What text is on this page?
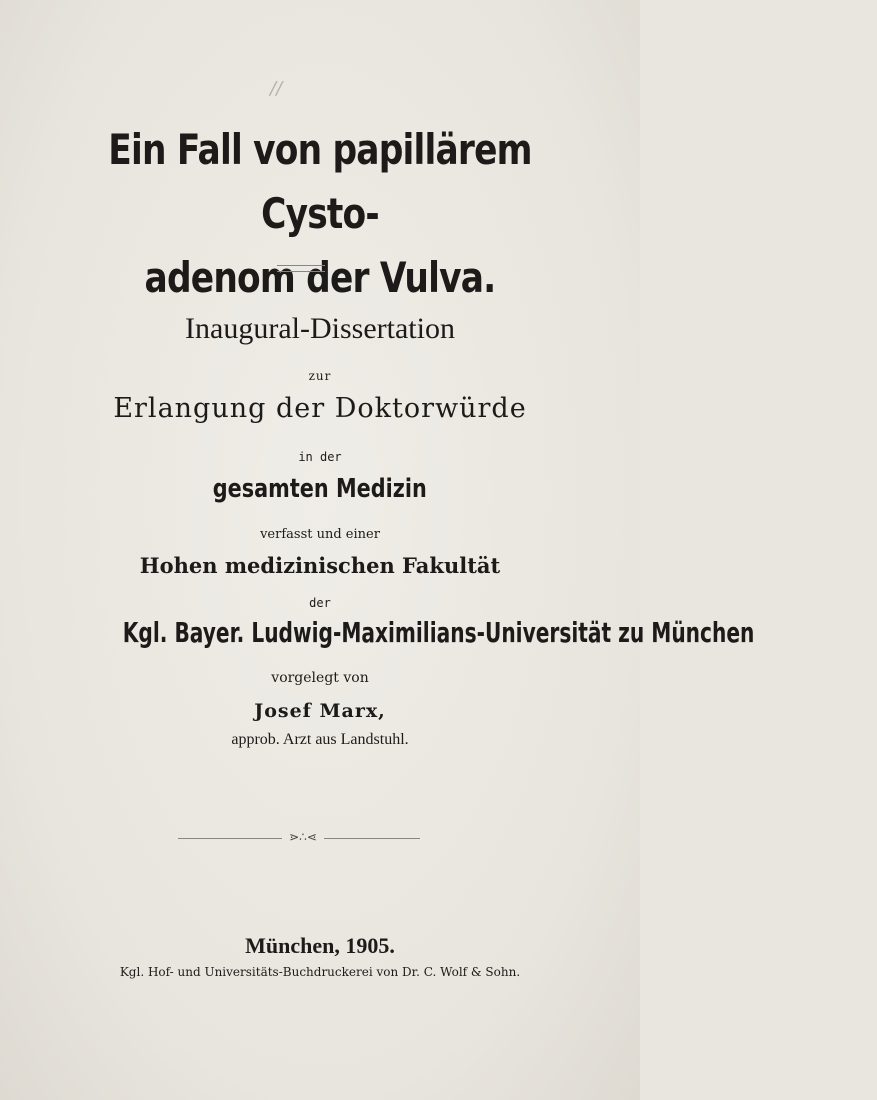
//
Ein Fall von papillärem Cysto-
adenom der Vulva.
Inaugural-Dissertation
zur
Erlangung der Doktorwürde
in der
gesamten Medizin
verfasst und einer
Hohen medizinischen Fakultät
der
Kgl. Bayer. Ludwig-Maximilians-Universität zu München
vorgelegt von
Josef Marx,
approb. Arzt aus Landstuhl.
⋗∴⋖
München, 1905.
Kgl. Hof- und Universitäts-Buchdruckerei von Dr. C. Wolf & Sohn.
